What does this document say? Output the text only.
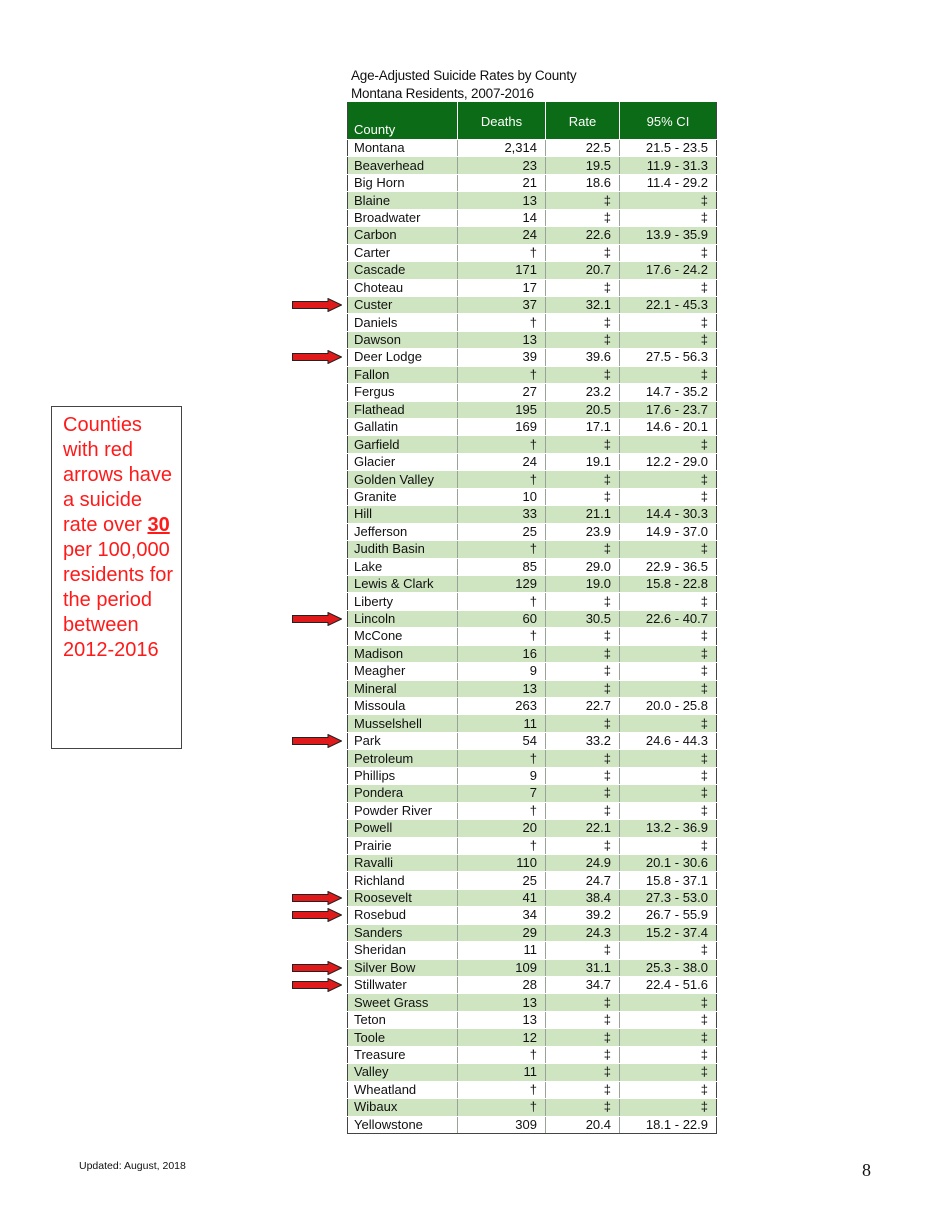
Age-Adjusted Suicide Rates by County
Montana Residents, 2007-2016
County	Deaths	Rate	95% CI
Montana	2,314	22.5	21.5 - 23.5
Beaverhead	23	19.5	11.9 - 31.3
Big Horn	21	18.6	11.4 - 29.2
Blaine	13	‡	‡
Broadwater	14	‡	‡
Carbon	24	22.6	13.9 - 35.9
Carter	†	‡	‡
Cascade	171	20.7	17.6 - 24.2
Choteau	17	‡	‡
Custer	37	32.1	22.1 - 45.3
Daniels	†	‡	‡
Dawson	13	‡	‡
Deer Lodge	39	39.6	27.5 - 56.3
Fallon	†	‡	‡
Fergus	27	23.2	14.7 - 35.2
Flathead	195	20.5	17.6 - 23.7
Gallatin	169	17.1	14.6 - 20.1
Garfield	†	‡	‡
Glacier	24	19.1	12.2 - 29.0
Golden Valley	†	‡	‡
Granite	10	‡	‡
Hill	33	21.1	14.4 - 30.3
Jefferson	25	23.9	14.9 - 37.0
Judith Basin	†	‡	‡
Lake	85	29.0	22.9 - 36.5
Lewis & Clark	129	19.0	15.8 - 22.8
Liberty	†	‡	‡
Lincoln	60	30.5	22.6 - 40.7
McCone	†	‡	‡
Madison	16	‡	‡
Meagher	9	‡	‡
Mineral	13	‡	‡
Missoula	263	22.7	20.0 - 25.8
Musselshell	11	‡	‡
Park	54	33.2	24.6 - 44.3
Petroleum	†	‡	‡
Phillips	9	‡	‡
Pondera	7	‡	‡
Powder River	†	‡	‡
Powell	20	22.1	13.2 - 36.9
Prairie	†	‡	‡
Ravalli	110	24.9	20.1 - 30.6
Richland	25	24.7	15.8 - 37.1
Roosevelt	41	38.4	27.3 - 53.0
Rosebud	34	39.2	26.7 - 55.9
Sanders	29	24.3	15.2 - 37.4
Sheridan	11	‡	‡
Silver Bow	109	31.1	25.3 - 38.0
Stillwater	28	34.7	22.4 - 51.6
Sweet Grass	13	‡	‡
Teton	13	‡	‡
Toole	12	‡	‡
Treasure	†	‡	‡
Valley	11	‡	‡
Wheatland	†	‡	‡
Wibaux	†	‡	‡
Yellowstone	309	20.4	18.1 - 22.9
Counties with red arrows have a suicide rate over 30 per 100,000 residents for the period between 2012-2016
Updated: August, 2018	8
